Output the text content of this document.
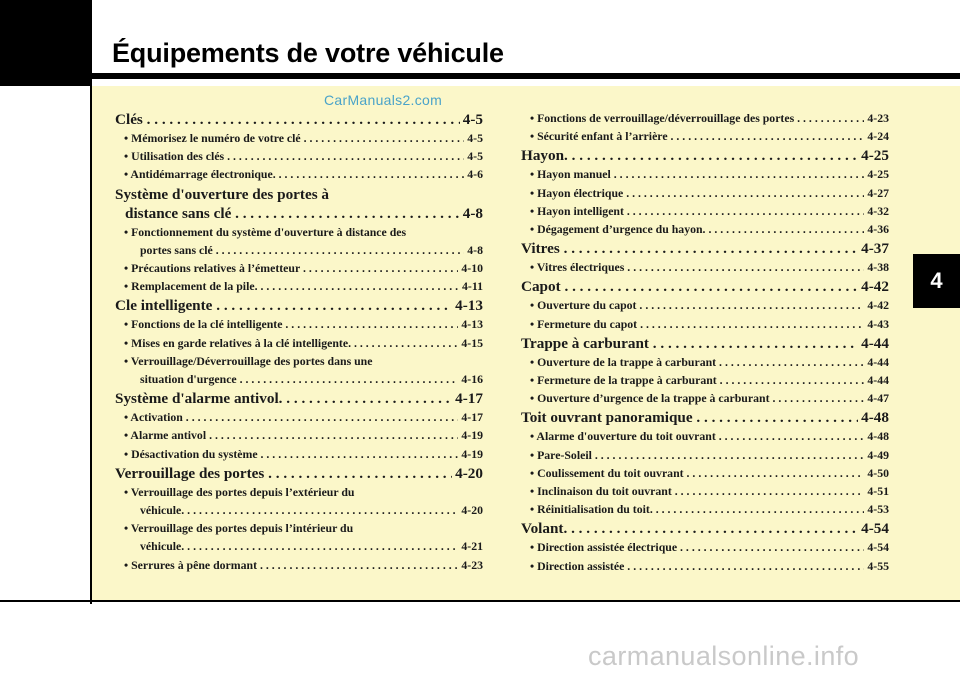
Équipements de votre véhicule
CarManuals2.com
carmanualsonline.info
4
Clés . . .	4-5
• Mémorisez le numéro de votre clé . . .	4-5
• Utilisation des clés . . .	4-5
• Antidémarrage électronique. . . .	4-6
Système d'ouverture des portes à
distance sans clé . . .	4-8
• Fonctionnement du système d'ouverture à distance des
portes sans clé . . .	4-8
• Précautions relatives à l’émetteur . . .	4-10
• Remplacement de la pile. . . .	4-11
Cle intelligente . . .	4-13
• Fonctions de la clé intelligente . . .	4-13
• Mises en garde relatives à la clé intelligente. . . .	4-15
• Verrouillage/Déverrouillage des portes dans une
situation d'urgence . . .	4-16
Système d'alarme antivol. . . .	4-17
• Activation . . .	4-17
• Alarme antivol . . .	4-19
• Désactivation du système . . .	4-19
Verrouillage des portes . . .	4-20
• Verrouillage des portes depuis l’extérieur du
véhicule. . . .	4-20
• Verrouillage des portes depuis l’intérieur du
véhicule. . . .	4-21
• Serrures à pêne dormant . . .	4-23
• Fonctions de verrouillage/déverrouillage des portes . . .	4-23
• Sécurité enfant à l’arrière . . .	4-24
Hayon. . . .	4-25
• Hayon manuel . . .	4-25
• Hayon électrique . . .	4-27
• Hayon intelligent . . .	4-32
• Dégagement d’urgence du hayon. . . .	4-36
Vitres . . .	4-37
• Vitres électriques . . .	4-38
Capot . . .	4-42
• Ouverture du capot . . .	4-42
• Fermeture du capot . . .	4-43
Trappe à carburant . . .	4-44
• Ouverture de la trappe à carburant . . .	4-44
• Fermeture de la trappe à carburant . . .	4-44
• Ouverture d’urgence de la trappe à carburant . . .	4-47
Toit ouvrant panoramique . . .	4-48
• Alarme d'ouverture du toit ouvrant . . .	4-48
• Pare-Soleil . . .	4-49
• Coulissement du toit ouvrant . . .	4-50
• Inclinaison du toit ouvrant . . .	4-51
• Réinitialisation du toit. . . .	4-53
Volant. . . .	4-54
• Direction assistée électrique . . .	4-54
• Direction assistée . . .	4-55
